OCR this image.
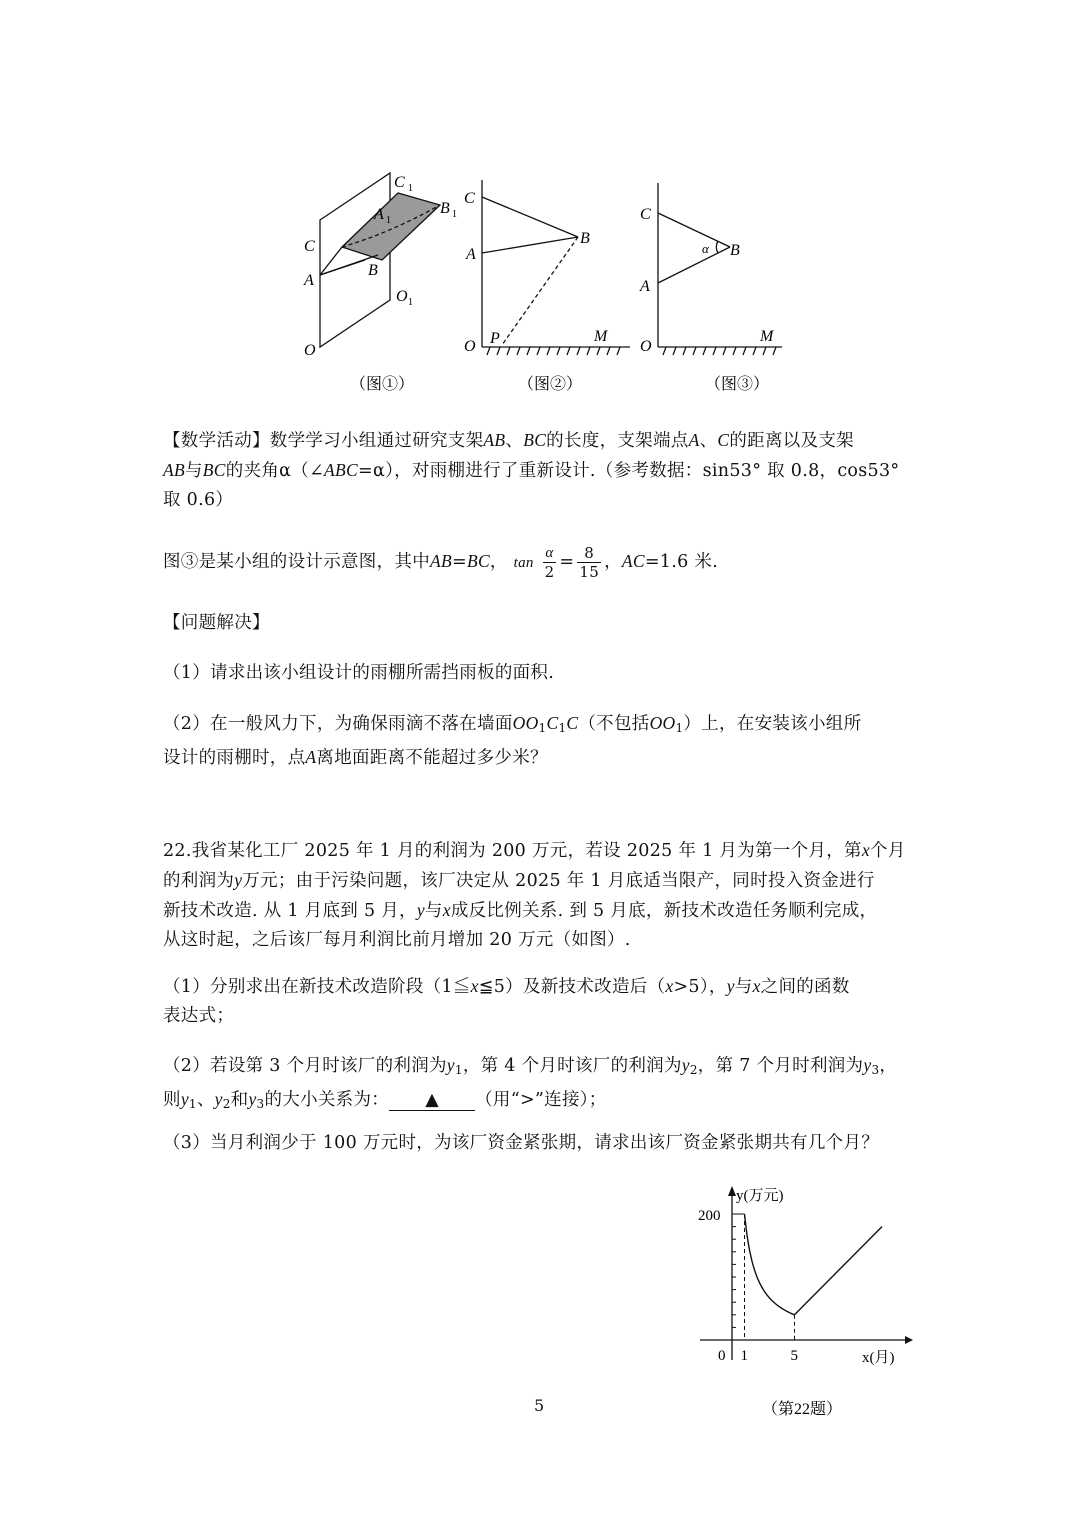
C 1
A 1
B 1
C
A
B
O 1
O
C
A
B
P
O
M
C
A
B
α
O
M
（图①）	（图②）	（图③）
【数学活动】数学学习小组通过研究支架AB、BC的长度，支架端点A、C的距离以及支架
AB与BC的夹角α（∠ABC=α），对雨棚进行了重新设计.（参考数据：sin53° 取 0.8，cos53°
取 0.6）
图③是某小组的设计示意图，其中AB=BC， $\tan \frac{\alpha}{2} = \frac{8}{15}$ ，AC=1.6 米.
【问题解决】
（1）请求出该小组设计的雨棚所需挡雨板的面积.
（2）在一般风力下，为确保雨滴不落在墙面$OO_1C_1C$（不包括$OO_1$）上，在安装该小组所
设计的雨棚时，点A离地面距离不能超过多少米？
22.我省某化工厂 2025 年 1 月的利润为 200 万元，若设 2025 年 1 月为第一个月，第x个月
的利润为y万元；由于污染问题，该厂决定从 2025 年 1 月底适当限产，同时投入资金进行
新技术改造. 从 1 月底到 5 月，y与x成反比例关系. 到 5 月底，新技术改造任务顺利完成，
从这时起，之后该厂每月利润比前月增加 20 万元（如图）.
（1）分别求出在新技术改造阶段（1≦x≦5）及新技术改造后（x>5），y与x之间的函数
表达式；
（2）若设第 3 个月时该厂的利润为$y_1$，第 4 个月时该厂的利润为$y_2$，第 7 个月时利润为$y_3$，
则$y_1$、$y_2$和$y_3$的大小关系为： ▲ （用“>”连接）；
（3）当月利润少于 100 万元时，为该厂资金紧张期，请求出该厂资金紧张期共有几个月？
y(万元)
200
0 1	5	x(月)
（第22题）
5
